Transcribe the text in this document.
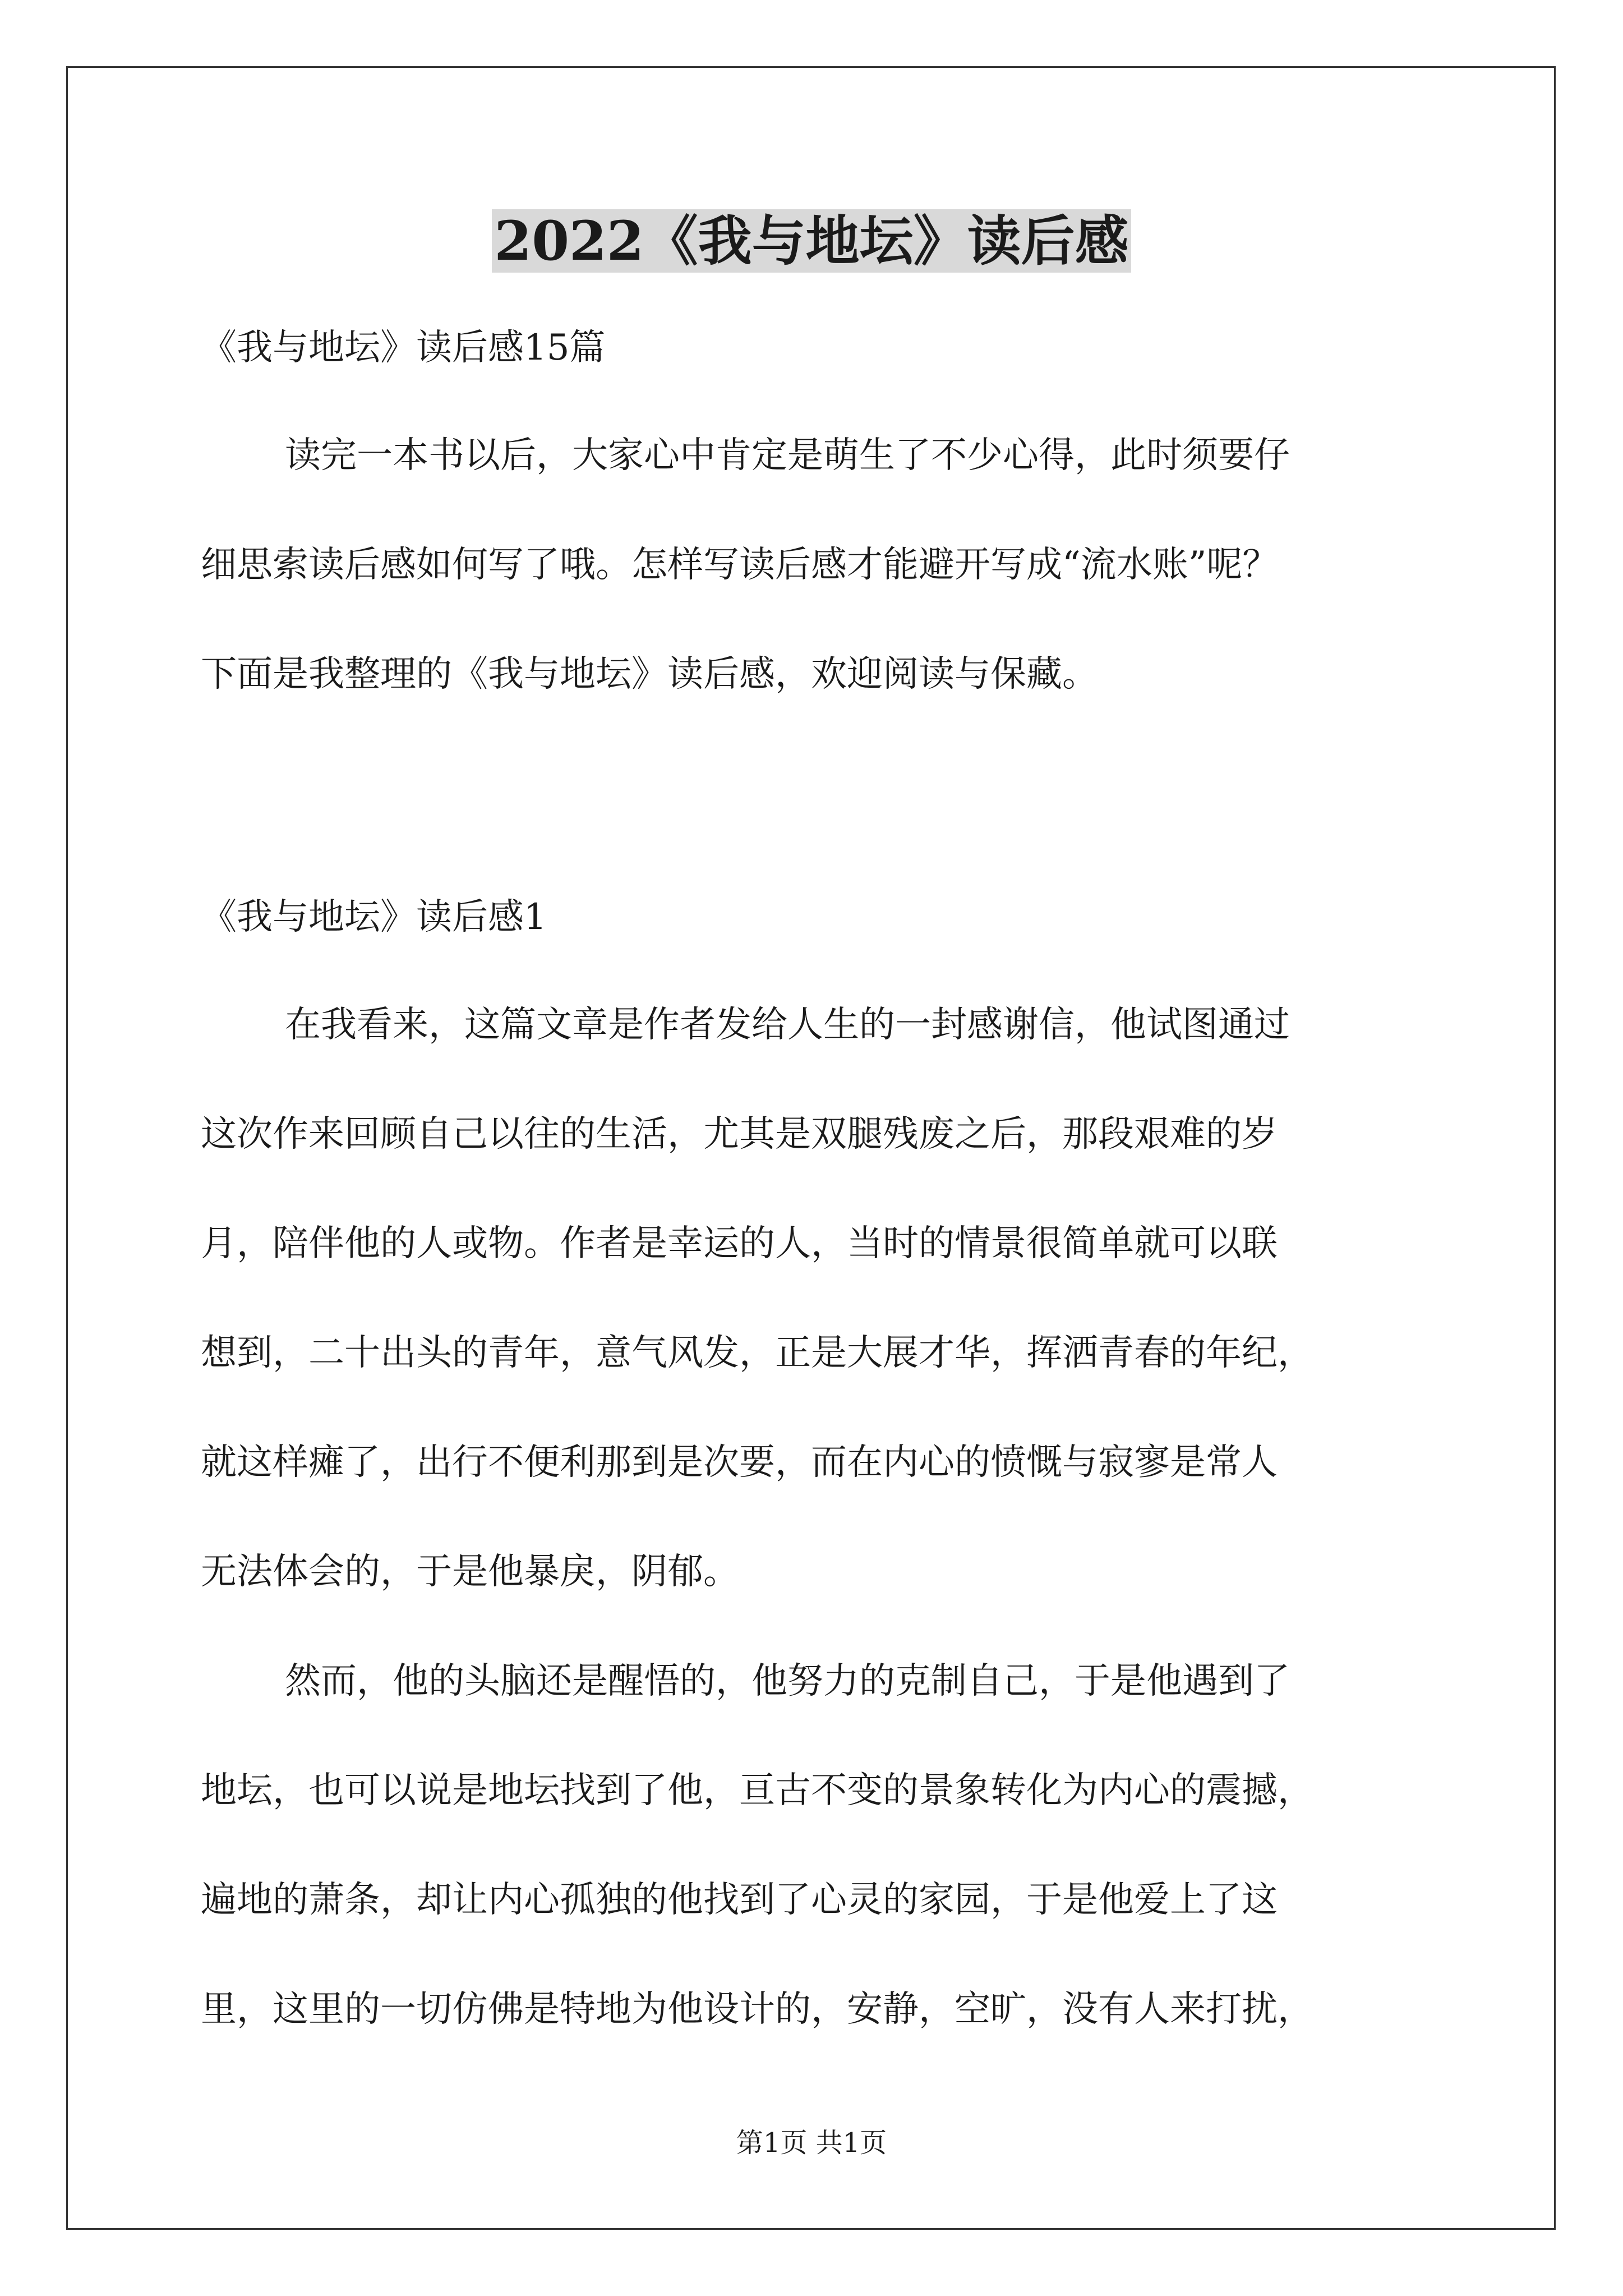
2022《我与地坛》读后感
《我与地坛》读后感15篇
读完一本书以后，大家心中肯定是萌生了不少心得，此时须要仔
细思索读后感如何写了哦。怎样写读后感才能避开写成“流水账”呢？
下面是我整理的《我与地坛》读后感，欢迎阅读与保藏。
《我与地坛》读后感1
在我看来，这篇文章是作者发给人生的一封感谢信，他试图通过
这次作来回顾自己以往的生活，尤其是双腿残废之后，那段艰难的岁
月，陪伴他的人或物。作者是幸运的人，当时的情景很简单就可以联
想到，二十出头的青年，意气风发，正是大展才华，挥洒青春的年纪，
就这样瘫了，出行不便利那到是次要，而在内心的愤慨与寂寥是常人
无法体会的，于是他暴戾，阴郁。
然而，他的头脑还是醒悟的，他努力的克制自己，于是他遇到了
地坛，也可以说是地坛找到了他，亘古不变的景象转化为内心的震撼，
遍地的萧条，却让内心孤独的他找到了心灵的家园，于是他爱上了这
里，这里的一切仿佛是特地为他设计的，安静，空旷，没有人来打扰，
第1页 共1页
